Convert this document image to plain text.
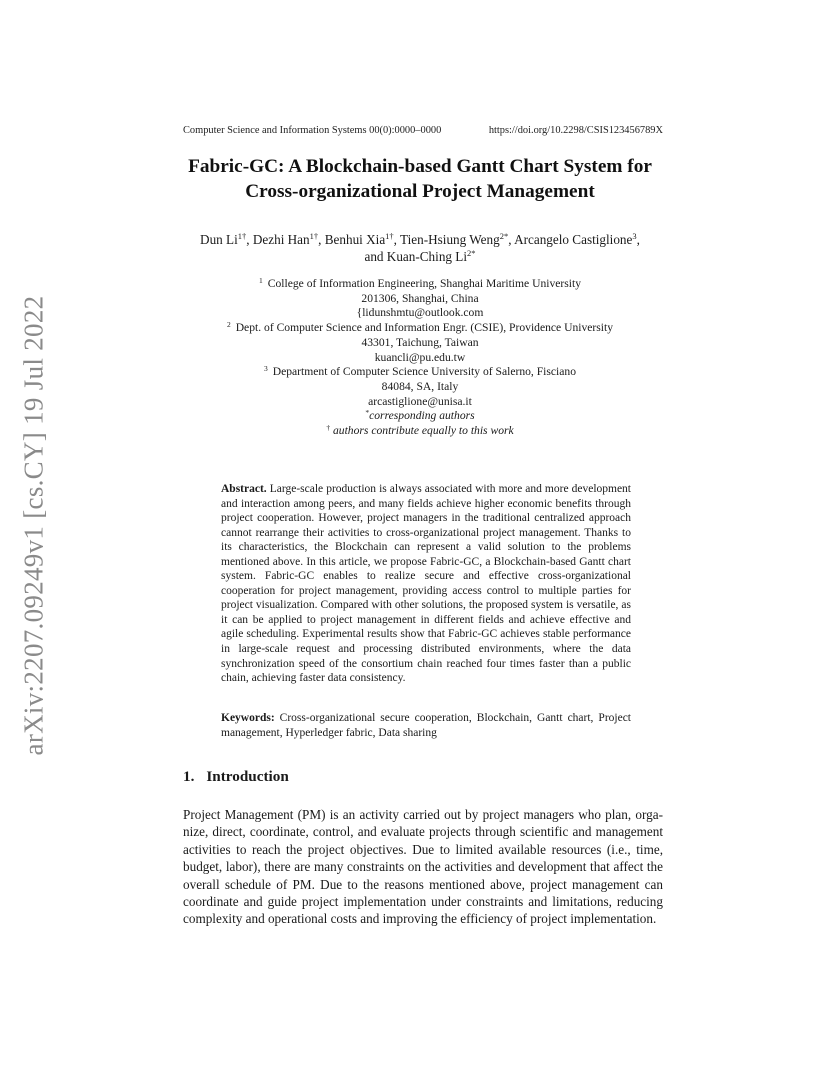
arXiv:2207.09249v1 [cs.CY] 19 Jul 2022
Computer Science and Information Systems 00(0):0000–0000	https://doi.org/10.2298/CSIS123456789X
Fabric-GC: A Blockchain-based Gantt Chart System for
Cross-organizational Project Management
Dun $Li^{1\dagger}$, Dezhi Han$^{1\dagger}$, Benhui Xia$^{1\dagger}$, Tien-Hsiung Weng$^{2*}$, Arcangelo Castiglione$^3$,
and Kuan-Ching $Li^{2*}$
$^1$ College of Information Engineering, Shanghai Maritime University
201306, Shanghai, China
{lidunshmtu@outlook.com
$^2$ Dept. of Computer Science and Information Engr. (CSIE), Providence University
43301, Taichung, Taiwan
kuancli@pu.edu.tw
$^3$ Department of Computer Science University of Salerno, Fisciano
84084, SA, Italy
arcastiglione@unisa.it
*corresponding authors
† authors contribute equally to this work
Abstract. Large-scale production is always associated with more and more development and interaction among peers, and many fields achieve higher economic benefits through project cooperation. However, project managers in the traditional centralized approach cannot rearrange their activities to cross-organizational project management. Thanks to its characteristics, the Blockchain can represent a valid solution to the problems mentioned above. In this article, we propose Fabric-GC, a Blockchain-based Gantt chart system. Fabric-GC enables to realize secure and effective cross-organizational cooperation for project management, providing access control to multiple parties for project visualization. Compared with other solutions, the proposed system is versatile, as it can be applied to project management in different fields and achieve effective and agile scheduling. Experimental results show that Fabric-GC achieves stable performance in large-scale request and processing distributed environments, where the data synchronization speed of the consortium chain reached four times faster than a public chain, achieving faster data consistency.
Keywords: Cross-organizational secure cooperation, Blockchain, Gantt chart, Project management, Hyperledger fabric, Data sharing
1. Introduction
Project Management (PM) is an activity carried out by project managers who plan, organize, direct, coordinate, control, and evaluate projects through scientific and management activities to reach the project objectives. Due to limited available resources (i.e., time, budget, labor), there are many constraints on the activities and development that affect the overall schedule of PM. Due to the reasons mentioned above, project management can coordinate and guide project implementation under constraints and limitations, reducing complexity and operational costs and improving the efficiency of project implementation.
